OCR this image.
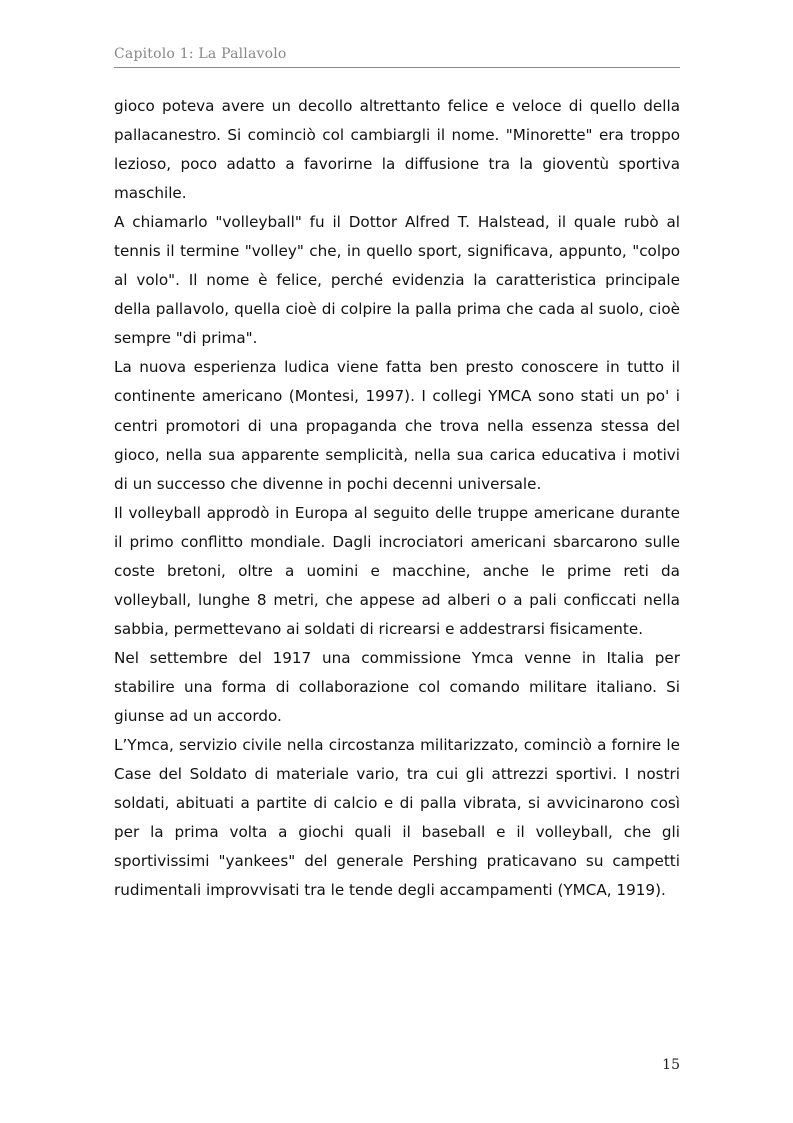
Capitolo 1: La Pallavolo

gioco poteva avere un decollo altrettanto felice e veloce di quello della pallacanestro. Si cominciò col cambiargli il nome. "Minorette" era troppo lezioso, poco adatto a favorirne la diffusione tra la gioventù sportiva maschile.

A chiamarlo "volleyball" fu il Dottor Alfred T. Halstead, il quale rubò al tennis il termine "volley" che, in quello sport, significava, appunto, "colpo al volo". Il nome è felice, perché evidenzia la caratteristica principale della pallavolo, quella cioè di colpire la palla prima che cada al suolo, cioè sempre "di prima".

La nuova esperienza ludica viene fatta ben presto conoscere in tutto il continente americano (Montesi, 1997). I collegi YMCA sono stati un po' i centri promotori di una propaganda che trova nella essenza stessa del gioco, nella sua apparente semplicità, nella sua carica educativa i motivi di un successo che divenne in pochi decenni universale.

Il volleyball approdò in Europa al seguito delle truppe americane durante il primo conflitto mondiale. Dagli incrociatori americani sbarcarono sulle coste bretoni, oltre a uomini e macchine, anche le prime reti da volleyball, lunghe 8 metri, che appese ad alberi o a pali conficcati nella sabbia, permettevano ai soldati di ricrearsi e addestrarsi fisicamente.

Nel settembre del 1917 una commissione Ymca venne in Italia per stabilire una forma di collaborazione col comando militare italiano. Si giunse ad un accordo.

L’Ymca, servizio civile nella circostanza militarizzato, cominciò a fornire le Case del Soldato di materiale vario, tra cui gli attrezzi sportivi. I nostri soldati, abituati a partite di calcio e di palla vibrata, si avvicinarono così per la prima volta a giochi quali il baseball e il volleyball, che gli sportivissimi "yankees" del generale Pershing praticavano su campetti rudimentali improvvisati tra le tende degli accampamenti (YMCA, 1919).

15
